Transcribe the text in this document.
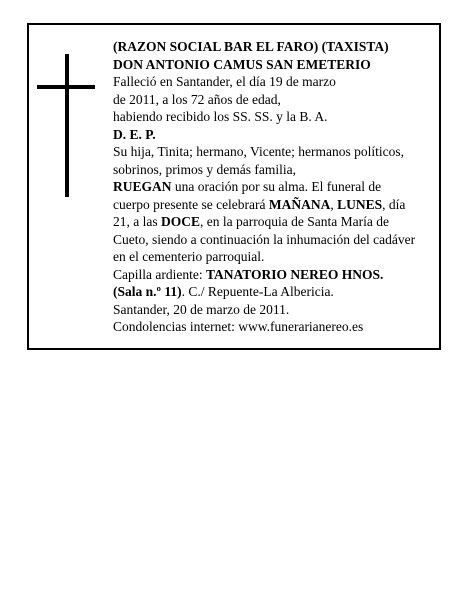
(RAZON SOCIAL BAR EL FARO) (TAXISTA)
DON ANTONIO CAMUS SAN EMETERIO
Falleció en Santander, el día 19 de marzo
de 2011, a los 72 años de edad,
habiendo recibido los SS. SS. y la B. A.
D. E. P.
Su hija, Tinita; hermano, Vicente; hermanos políticos,
sobrinos, primos y demás familia,
RUEGAN una oración por su alma. El funeral de
cuerpo presente se celebrará MAÑANA, LUNES, día
21, a las DOCE, en la parroquia de Santa María de
Cueto, siendo a continuación la inhumación del cadáver
en el cementerio parroquial.
Capilla ardiente: TANATORIO NEREO HNOS.
(Sala n.º 11). C./ Repuente-La Albericia.
Santander, 20 de marzo de 2011.
Condolencias internet: www.funerarianereo.es
